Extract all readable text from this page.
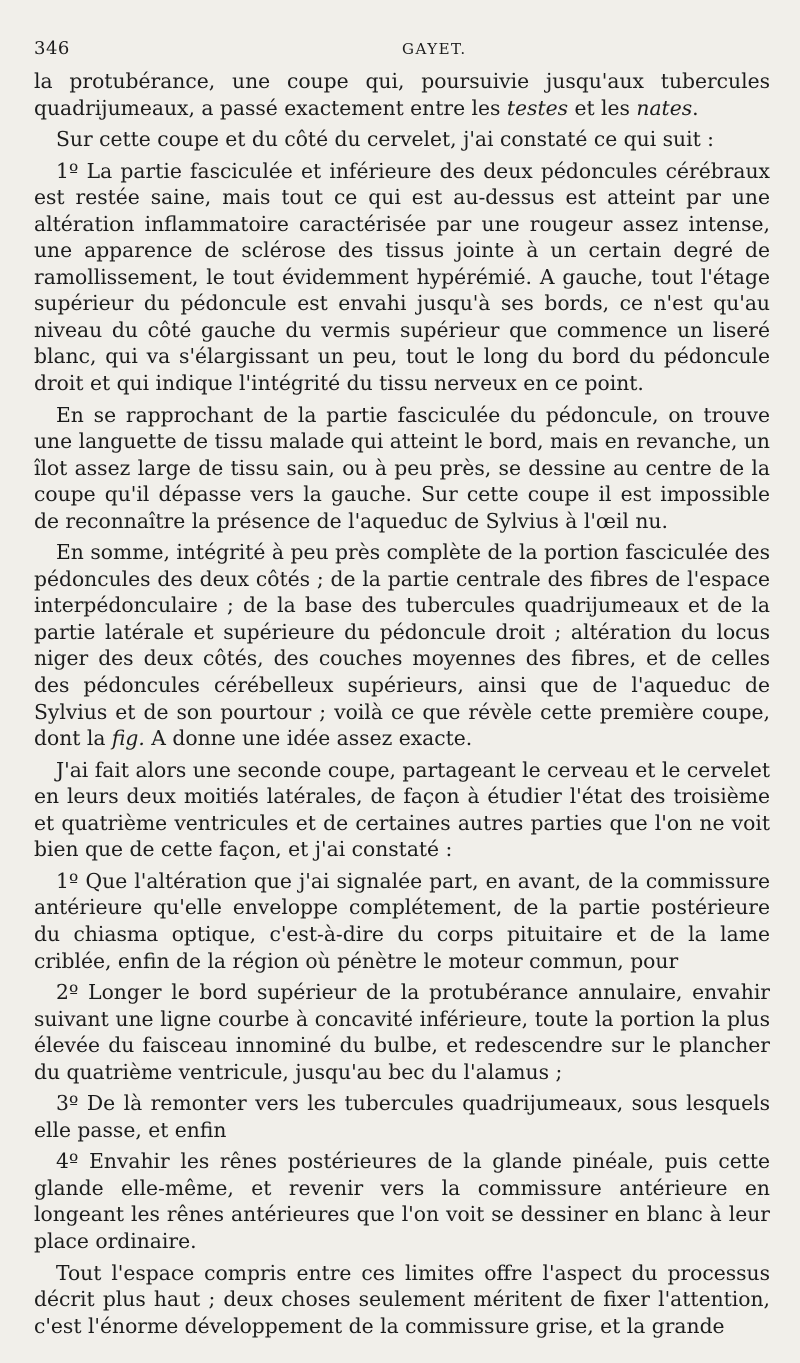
346	GAYET.

la protubérance, une coupe qui, poursuivie jusqu'aux tubercules quadrijumeaux, a passé exactement entre les testes et les nates.

Sur cette coupe et du côté du cervelet, j'ai constaté ce qui suit :

1º La partie fasciculée et inférieure des deux pédoncules cérébraux est restée saine, mais tout ce qui est au-dessus est atteint par une altération inflammatoire caractérisée par une rougeur assez intense, une apparence de sclérose des tissus jointe à un certain degré de ramollissement, le tout évidemment hypérémié. A gauche, tout l'étage supérieur du pédoncule est envahi jusqu'à ses bords, ce n'est qu'au niveau du côté gauche du vermis supérieur que commence un liseré blanc, qui va s'élargissant un peu, tout le long du bord du pédoncule droit et qui indique l'intégrité du tissu nerveux en ce point.

En se rapprochant de la partie fasciculée du pédoncule, on trouve une languette de tissu malade qui atteint le bord, mais en revanche, un îlot assez large de tissu sain, ou à peu près, se dessine au centre de la coupe qu'il dépasse vers la gauche. Sur cette coupe il est impossible de reconnaître la présence de l'aqueduc de Sylvius à l'œil nu.

En somme, intégrité à peu près complète de la portion fasciculée des pédoncules des deux côtés ; de la partie centrale des fibres de l'espace interpédonculaire ; de la base des tubercules quadrijumeaux et de la partie latérale et supérieure du pédoncule droit ; altération du locus niger des deux côtés, des couches moyennes des fibres, et de celles des pédoncules cérébelleux supérieurs, ainsi que de l'aqueduc de Sylvius et de son pourtour ; voilà ce que révèle cette première coupe, dont la fig. A donne une idée assez exacte.

J'ai fait alors une seconde coupe, partageant le cerveau et le cervelet en leurs deux moitiés latérales, de façon à étudier l'état des troisième et quatrième ventricules et de certaines autres parties que l'on ne voit bien que de cette façon, et j'ai constaté :

1º Que l'altération que j'ai signalée part, en avant, de la commissure antérieure qu'elle enveloppe complétement, de la partie postérieure du chiasma optique, c'est-à-dire du corps pituitaire et de la lame criblée, enfin de la région où pénètre le moteur commun, pour

2º Longer le bord supérieur de la protubérance annulaire, envahir suivant une ligne courbe à concavité inférieure, toute la portion la plus élevée du faisceau innominé du bulbe, et redescendre sur le plancher du quatrième ventricule, jusqu'au bec du l'alamus ;

3º De là remonter vers les tubercules quadrijumeaux, sous lesquels elle passe, et enfin

4º Envahir les rênes postérieures de la glande pinéale, puis cette glande elle-même, et revenir vers la commissure antérieure en longeant les rênes antérieures que l'on voit se dessiner en blanc à leur place ordinaire.

Tout l'espace compris entre ces limites offre l'aspect du processus décrit plus haut ; deux choses seulement méritent de fixer l'attention, c'est l'énorme développement de la commissure grise, et la grande
